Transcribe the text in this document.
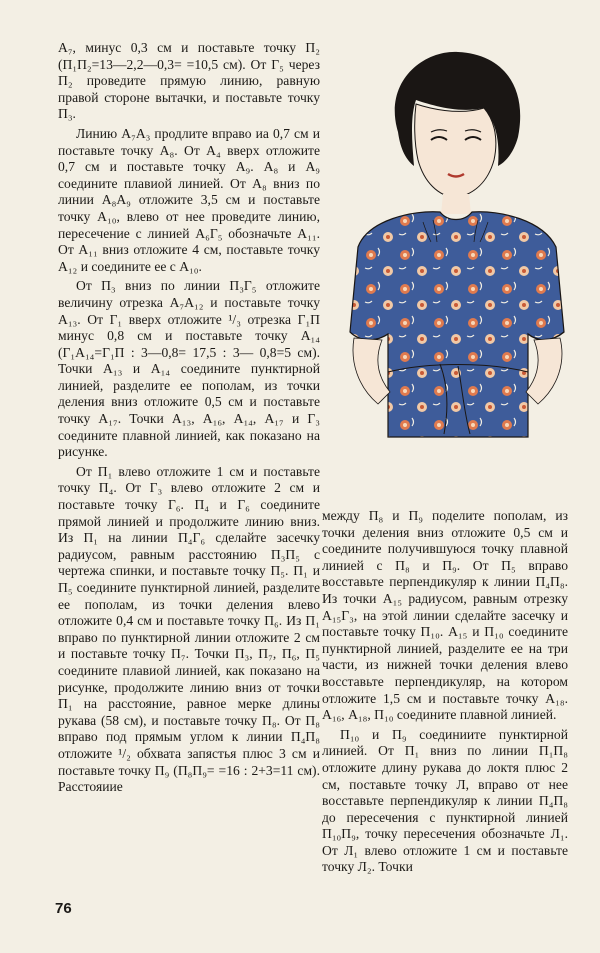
А₇, минус 0,3 см и поставьте точку П₂ (П₁П₂=13—2,2—0,3= =10,5 см). От Г₅ через П₂ проведите прямую линию, равную правой стороне вытачки, и поставьте точку П₃.

Линию А₇А₃ продлите вправо иа 0,7 см и поставьте точку А₈. От А₄ вверх отложите 0,7 см и поставьте точку А₉. А₈ и А₉ соедините плавиой линией. От А₈ вниз по линии А₈А₉ отложите 3,5 см и поставьте точку А₁₀, влево от нее проведите линию, пересечение с линией А₆Г₅ обозначьте А₁₁. От А₁₁ вниз отложите 4 см, поставьте точку А₁₂ и соедините ее с А₁₀.

От П₃ вниз по линии П₃Г₅ отложите величину отрезка А₇А₁₂ и поставьте точку А₁₃. От Г₁ вверх отложите ¹/₃ отрезка Г₁П минус 0,8 см и поставьте точку А₁₄ (Г₁А₁₄=Г₁П : 3—0,8= 17,5 : 3— 0,8=5 см). Точки А₁₃ и А₁₄ соедините пунктирной линией, разделите ее пополам, из точки деления вниз отложите 0,5 см и поставьте точку А₁₇. Точки А₁₃, А₁₆, А₁₄, А₁₇ и Г₃ соедините плавной линией, как показано на рисунке.

От П₁ влево отложите 1 см и поставьте точку П₄. От Г₃ влево отложите 2 см и поставьте точку Г₆. П₄ и Г₆ соедините прямой линией и продолжите линию вниз. Из П₁ на линии П₄Г₆ сделайте засечку радиусом, равным расстоянию П₃П₅ с чертежа спинки, и поставьте точку П₅. П₁ и П₅ соедините пунктирной линией, разделите ее пополам, из точки деления влево отложите 0,4 см и поставьте точку П₆. Из П₁ вправо по пунктирной линии отложите 2 см и поставьте точку П₇. Точки П₃, П₇, П₆, П₅ соедините плавиой линией, как показано на рисунке, продолжите линию вниз от точки П₁ на расстояние, равное мерке длины рукава (58 см), и поставьте точку П₈. От П₈ вправо под прямым углом к линии П₄П₈ отложите ¹/₂ обхвата запястья плюс 3 см и поставьте точку П₉ (П₈П₉= =16 : 2+3=11 см). Расстояиие

между П₈ и П₉ поделите пополам, из точки деления вниз отложите 0,5 см и соедините получившуюся точку плавной линией с П₈ и П₉. От П₅ вправо восставьте перпендикуляр к линии П₄П₈. Из точки А₁₅ радиусом, равным отрезку А₁₅Г₃, на этой линии сделайте засечку и поставьте точку П₁₀. А₁₅ и П₁₀ соедините пунктирной линией, разделите ее на три части, из нижней точки деления влево восставьте перпендикуляр, на котором отложите 1,5 см и поставьте точку А₁₈. А₁₆, А₁₈, П₁₀ соедините плавной линией.

П₁₀ и П₉ соединиите пунктирной линией. От П₁ вниз по линии П₁П₈ отложите длину рукава до локтя плюс 2 см, поставьте точку Л, вправо от нее восставьте перпендикуляр к линии П₄П₈ до пересечения с пунктирной линией П₁₀П₉, точку пересечения обозначьте Л₁. От Л₁ влево отложите 1 см и поставьте точку Л₂. Точки

76
